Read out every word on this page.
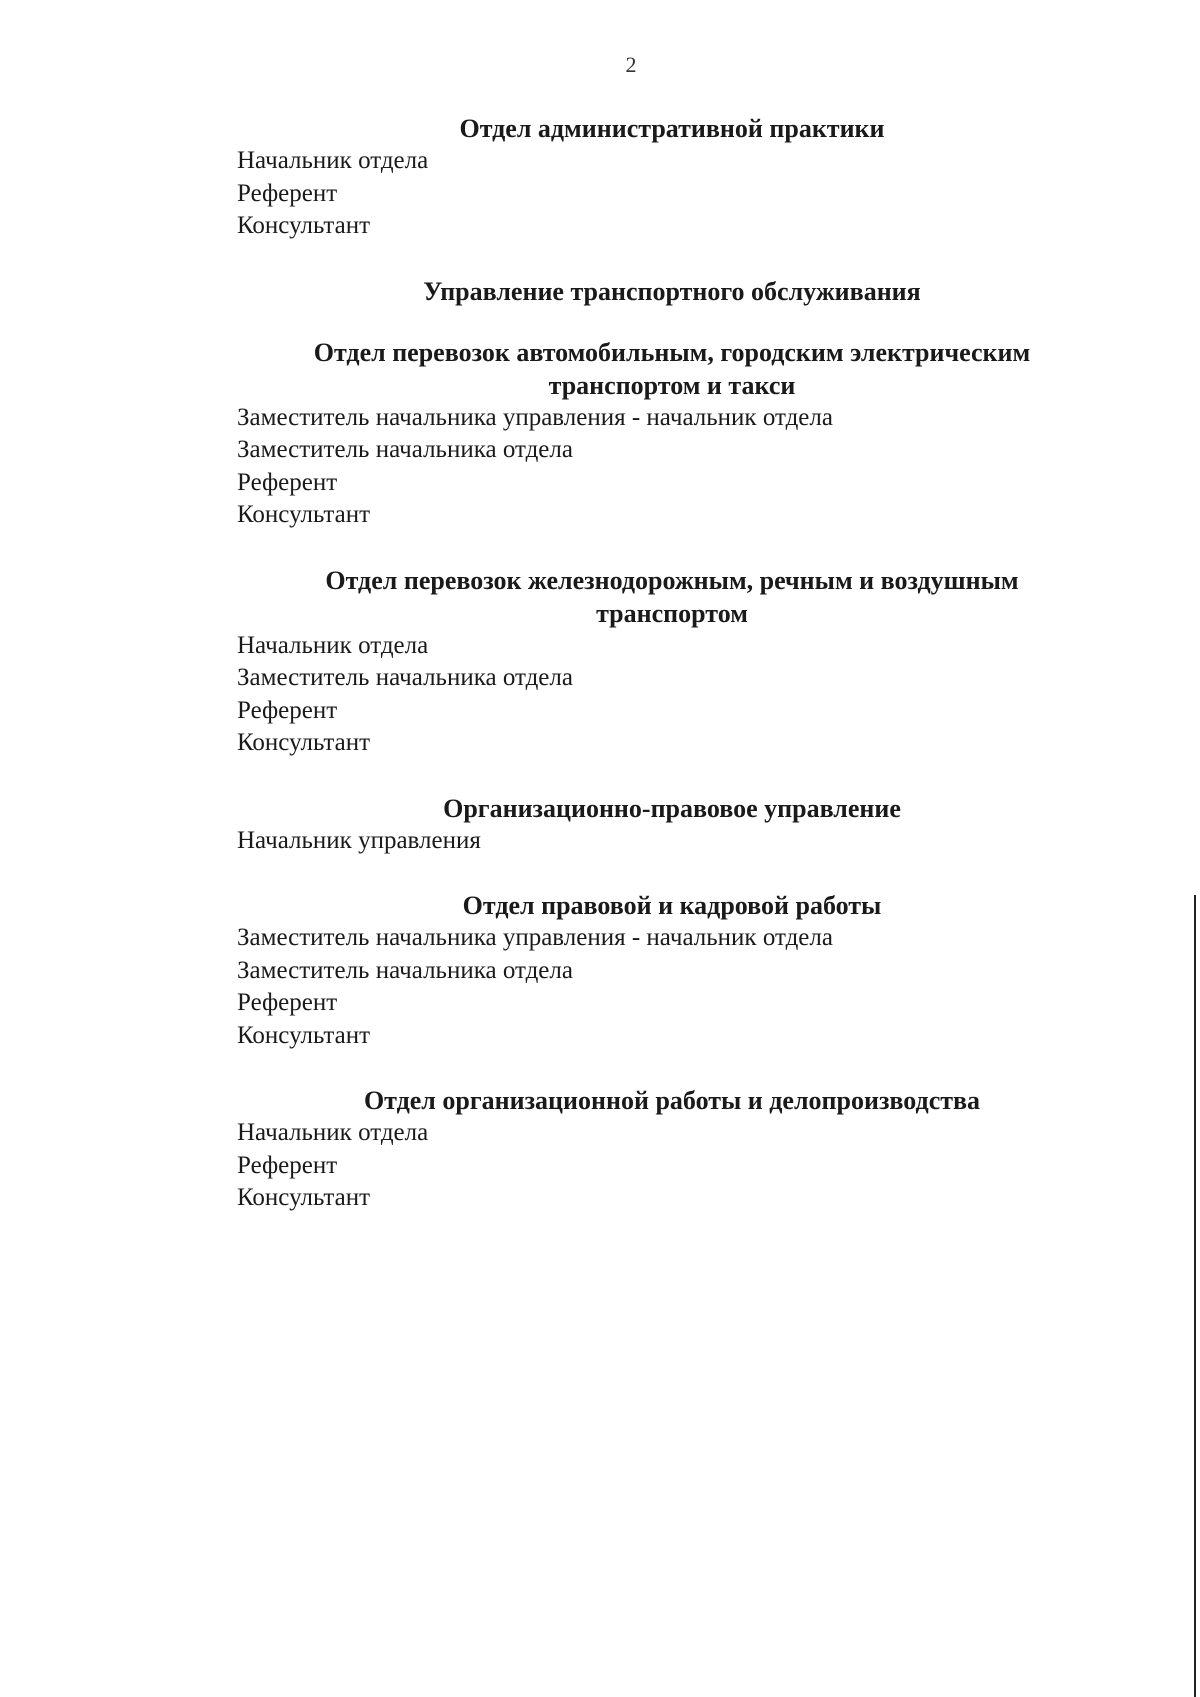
2
Отдел административной практики
Начальник отдела
Референт
Консультант
Управление транспортного обслуживания
Отдел перевозок автомобильным, городским электрическим транспортом и такси
Заместитель начальника управления - начальник отдела
Заместитель начальника отдела
Референт
Консультант
Отдел перевозок железнодорожным, речным и воздушным транспортом
Начальник отдела
Заместитель начальника отдела
Референт
Консультант
Организационно-правовое управление
Начальник управления
Отдел правовой и кадровой работы
Заместитель начальника управления - начальник отдела
Заместитель начальника отдела
Референт
Консультант
Отдел организационной работы и делопроизводства
Начальник отдела
Референт
Консультант
